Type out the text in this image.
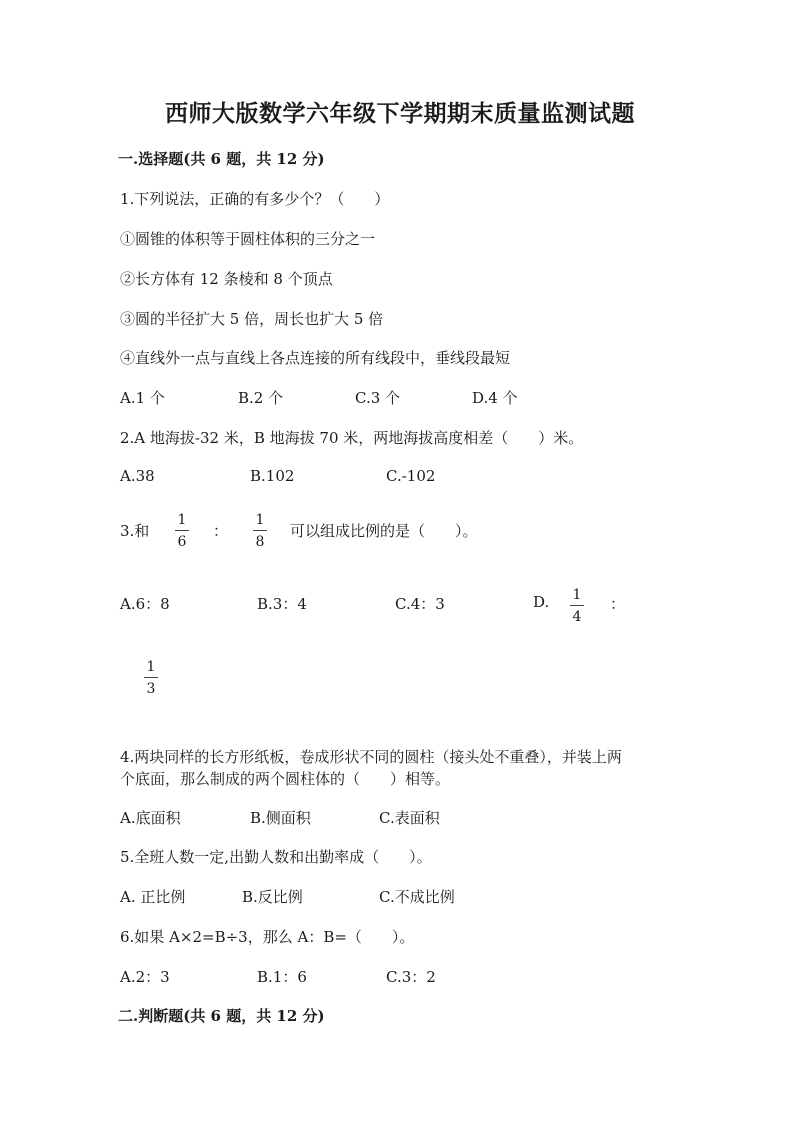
西师大版数学六年级下学期期末质量监测试题
一.选择题(共 6 题，共 12 分)
1.下列说法，正确的有多少个？（　　）
①圆锥的体积等于圆柱体积的三分之一
②长方体有 12 条棱和 8 个顶点
③圆的半径扩大 5 倍，周长也扩大 5 倍
④直线外一点与直线上各点连接的所有线段中，垂线段最短
A.1 个	B.2 个	C.3 个	D.4 个
2.A 地海拔-32 米，B 地海拔 70 米，两地海拔高度相差（　　）米。
A.38	B.102	C.-102
3.和
1
6
：
1
8
可以组成比例的是（　　）。
A.6：8	B.3：4	C.4：3	D. 1
4
：
1
3
4.两块同样的长方形纸板，卷成形状不同的圆柱（接头处不重叠），并装上两
个底面，那么制成的两个圆柱体的（　　）相等。
A.底面积	B.侧面积	C.表面积
5.全班人数一定,出勤人数和出勤率成（　　）。
A. 正比例	B.反比例	C.不成比例
6.如果 A×2=B÷3，那么 A：B=（　　）。
A.2：3	B.1：6	C.3：2
二.判断题(共 6 题，共 12 分)
